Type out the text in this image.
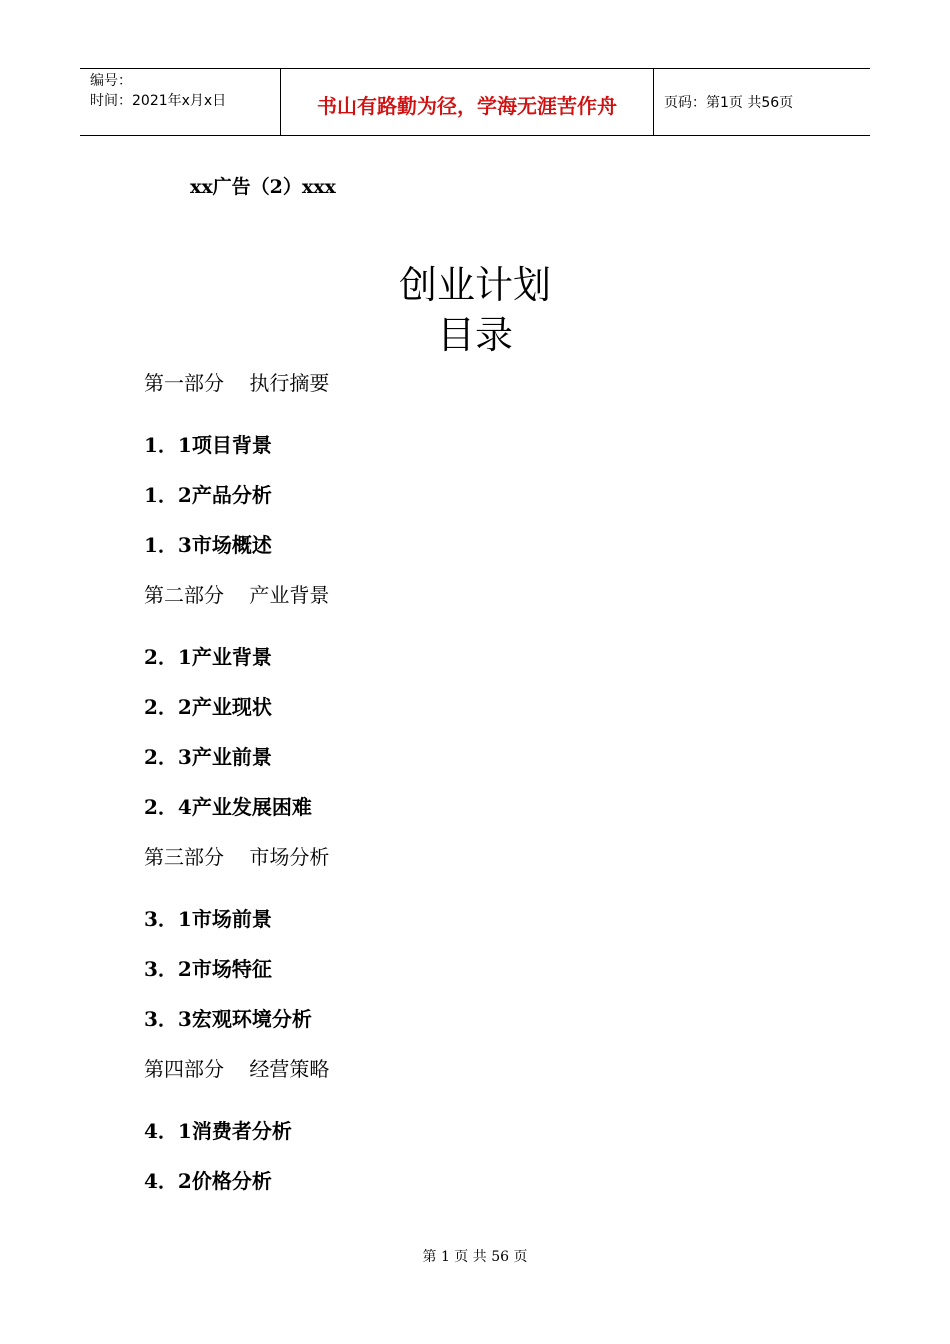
编号：
时间：2021年x月x日	书山有路勤为径，学海无涯苦作舟	页码：第1页 共56页
xx广告（2）xxx
创业计划
目录
第一部分    执行摘要
1．1项目背景
1．2产品分析
1．3市场概述
第二部分    产业背景
2．1产业背景
2．2产业现状
2．3产业前景
2．4产业发展困难
第三部分    市场分析
3．1市场前景
3．2市场特征
3．3宏观环境分析
第四部分    经营策略
4．1消费者分析
4．2价格分析
第 1 页 共 56 页
